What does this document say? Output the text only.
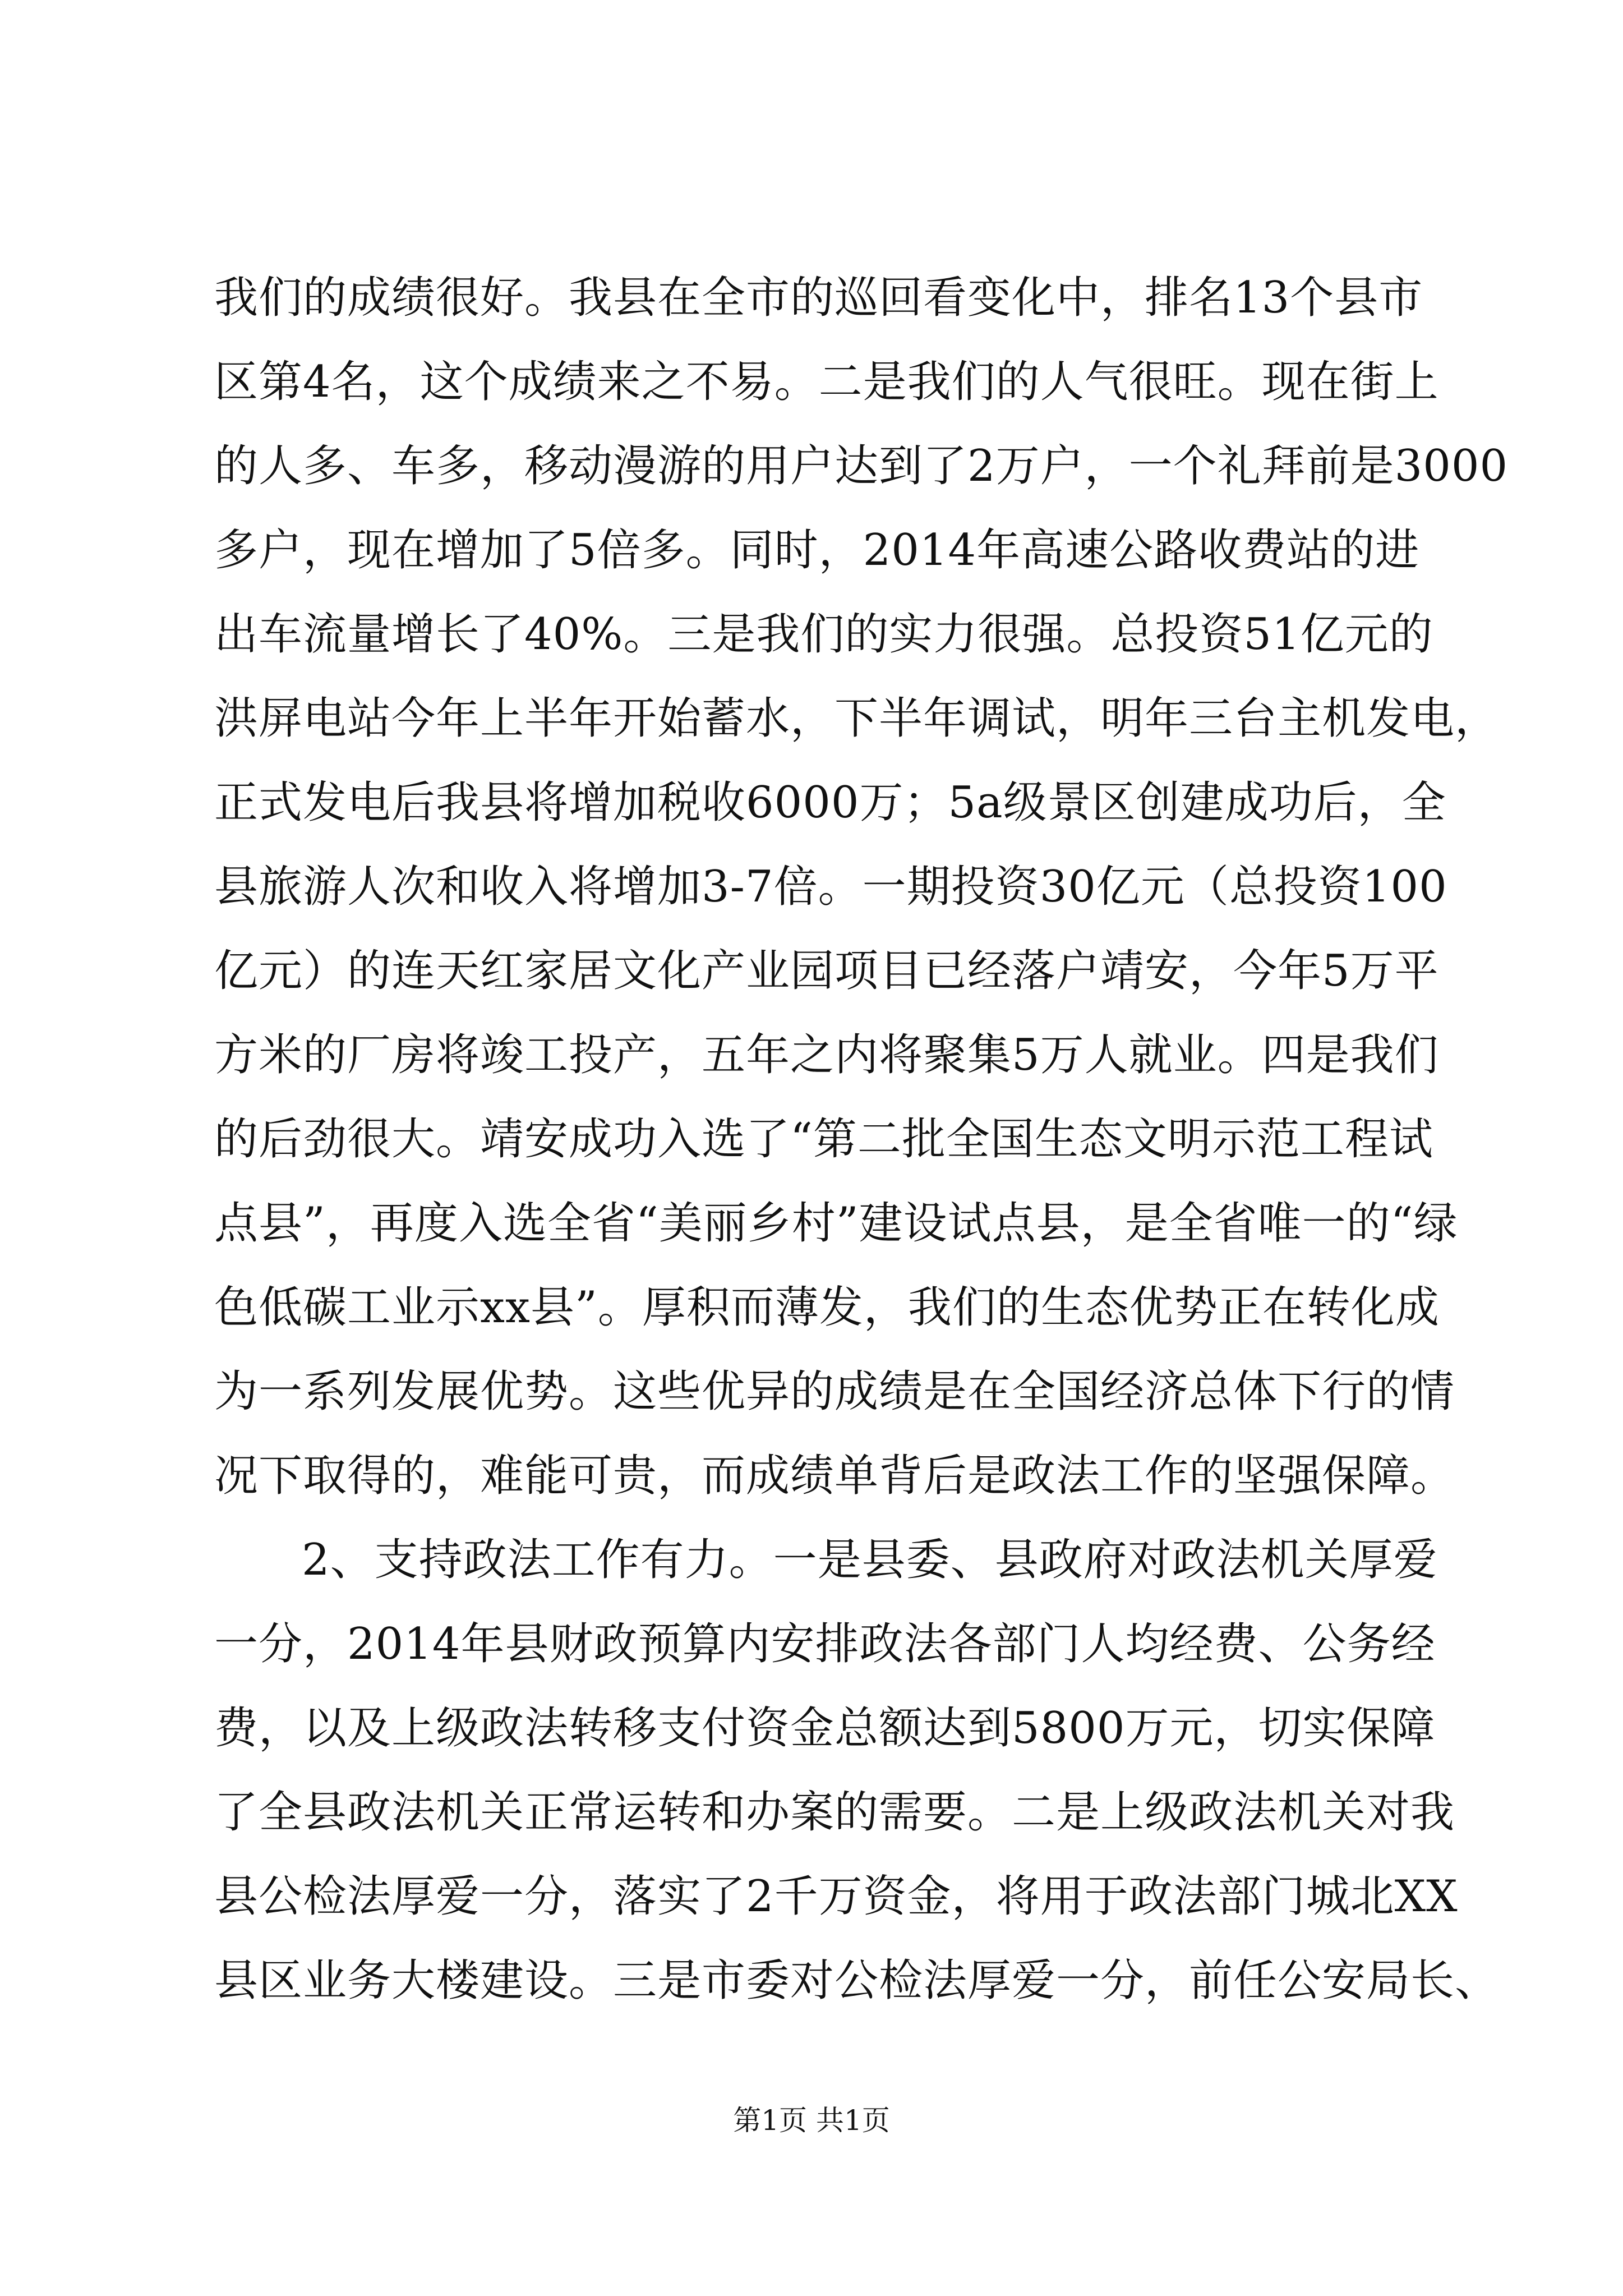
我们的成绩很好。我县在全市的巡回看变化中，排名13个县市
区第4名，这个成绩来之不易。二是我们的人气很旺。现在街上
的人多、车多，移动漫游的用户达到了2万户，一个礼拜前是3000
多户，现在增加了5倍多。同时，2014年高速公路收费站的进
出车流量增长了40%。三是我们的实力很强。总投资51亿元的
洪屏电站今年上半年开始蓄水，下半年调试，明年三台主机发电，
正式发电后我县将增加税收6000万；5a级景区创建成功后，全
县旅游人次和收入将增加3-7倍。一期投资30亿元（总投资100
亿元）的连天红家居文化产业园项目已经落户靖安，今年5万平
方米的厂房将竣工投产，五年之内将聚集5万人就业。四是我们
的后劲很大。靖安成功入选了“第二批全国生态文明示范工程试
点县”，再度入选全省“美丽乡村”建设试点县，是全省唯一的“绿
色低碳工业示xx县”。厚积而薄发，我们的生态优势正在转化成
为一系列发展优势。这些优异的成绩是在全国经济总体下行的情
况下取得的，难能可贵，而成绩单背后是政法工作的坚强保障。
2、支持政法工作有力。一是县委、县政府对政法机关厚爱
一分，2014年县财政预算内安排政法各部门人均经费、公务经
费，以及上级政法转移支付资金总额达到5800万元，切实保障
了全县政法机关正常运转和办案的需要。二是上级政法机关对我
县公检法厚爱一分，落实了2千万资金，将用于政法部门城北XX
县区业务大楼建设。三是市委对公检法厚爱一分，前任公安局长、
第1页 共1页
